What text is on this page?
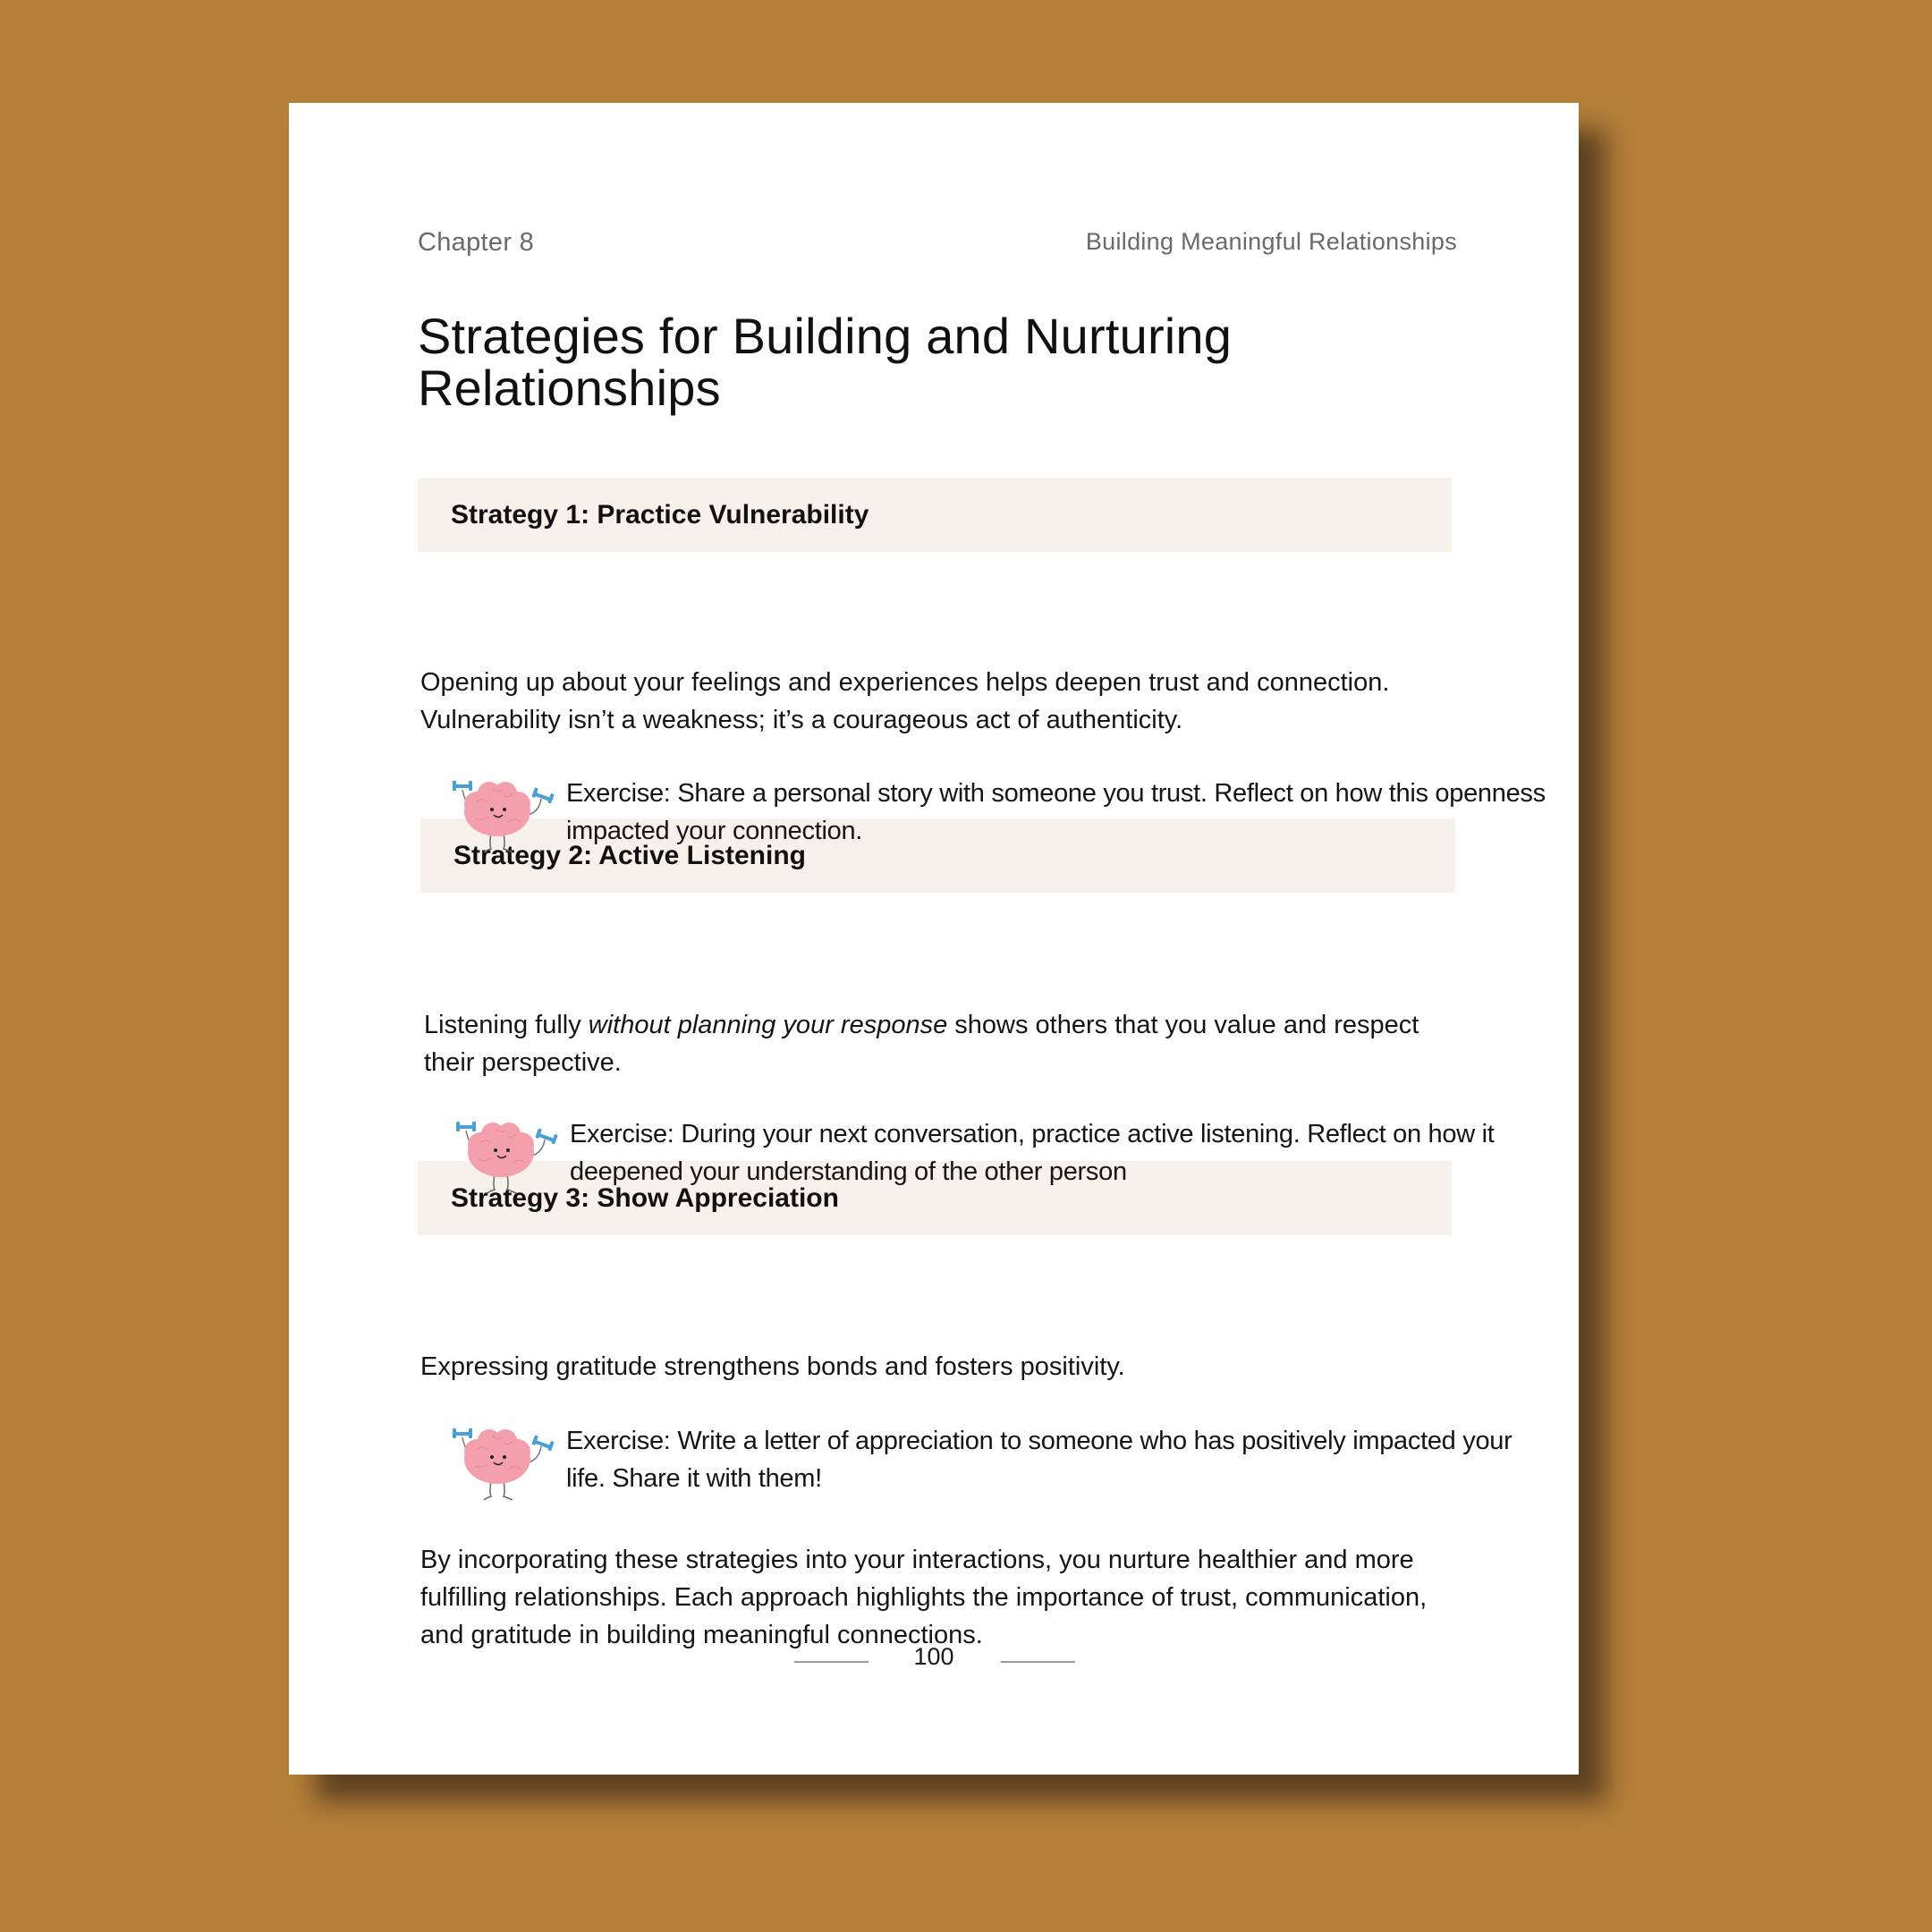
Chapter 8	Building Meaningful Relationships
Strategies for Building and Nurturing Relationships
Strategy 1: Practice Vulnerability
Opening up about your feelings and experiences helps deepen trust and connection. Vulnerability isn’t a weakness; it’s a courageous act of authenticity.
Exercise: Share a personal story with someone you trust. Reflect on how this openness impacted your connection.
Strategy 2: Active Listening
Listening fully without planning your response shows others that you value and respect their perspective.
Exercise: During your next conversation, practice active listening. Reflect on how it deepened your understanding of the other person
Strategy 3: Show Appreciation
Expressing gratitude strengthens bonds and fosters positivity.
Exercise: Write a letter of appreciation to someone who has positively impacted your life. Share it with them!
By incorporating these strategies into your interactions, you nurture healthier and more fulfilling relationships. Each approach highlights the importance of trust, communication, and gratitude in building meaningful connections.
100
